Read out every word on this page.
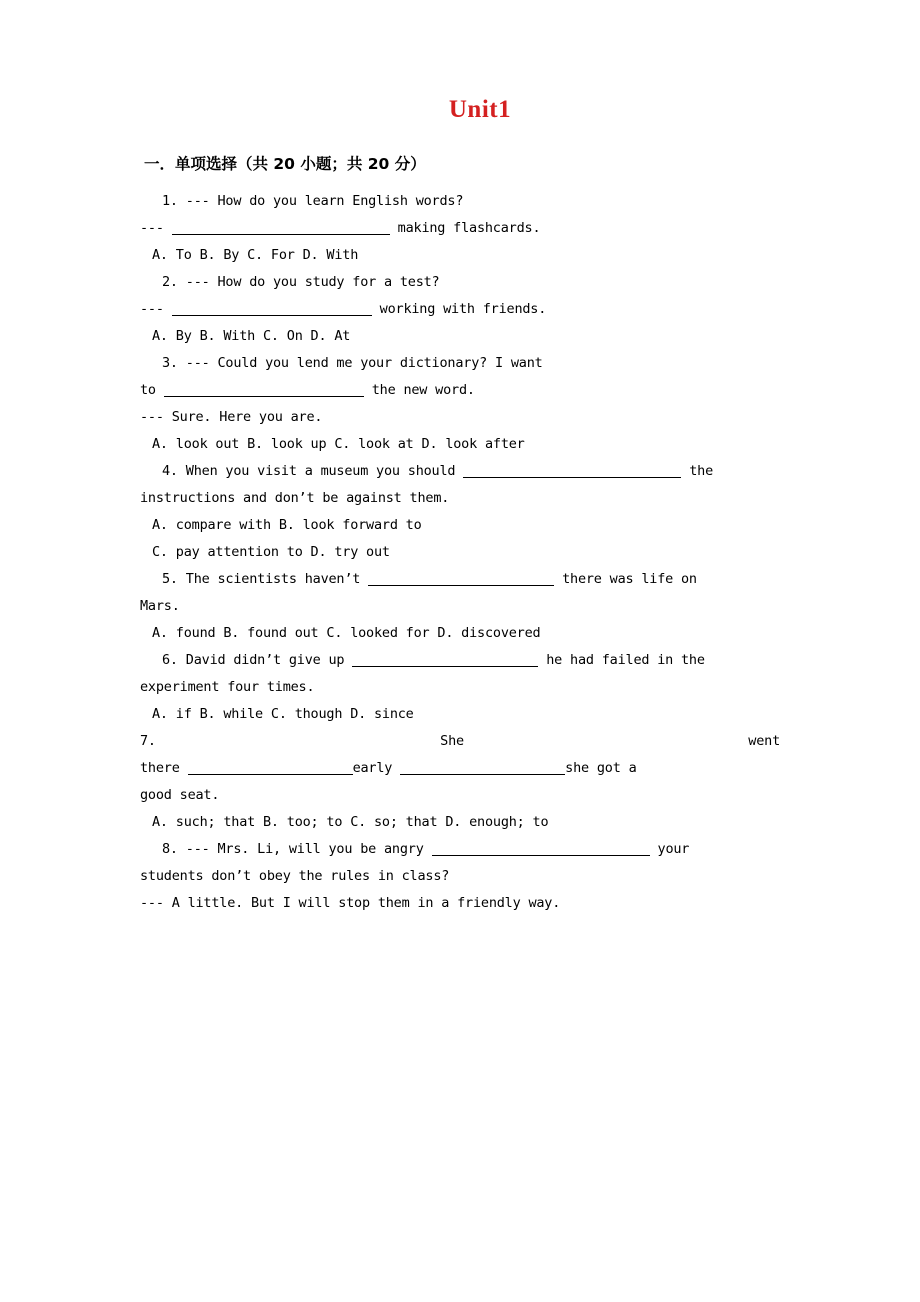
Unit1
一．单项选择（共 20 小题；共 20 分）
1. --- How do you learn English words?
---	making flashcards.
A. To B. By C. For D. With
2. --- How do you study for a test?
---	working with friends.
A. By B. With C. On D. At
3. --- Could you lend me your dictionary? I want
to	the new word.
--- Sure. Here you are.
A. look out B. look up C. look at D. look after
4. When you visit a museum you should	the
instructions and don’t be against them.
A. compare with B. look forward to
C. pay attention to D. try out
5. The scientists haven’t	there was life on
Mars.
A. found B. found out C. looked for D. discovered
6. David didn’t give up	he had failed in the
experiment four times.
A. if B. while C. though D. since
7.	She	went
there	early	she got a
good seat.
A. such; that B. too; to C. so; that D. enough; to
8. --- Mrs. Li, will you be angry	your
students don’t obey the rules in class?
--- A little. But I will stop them in a friendly way.
